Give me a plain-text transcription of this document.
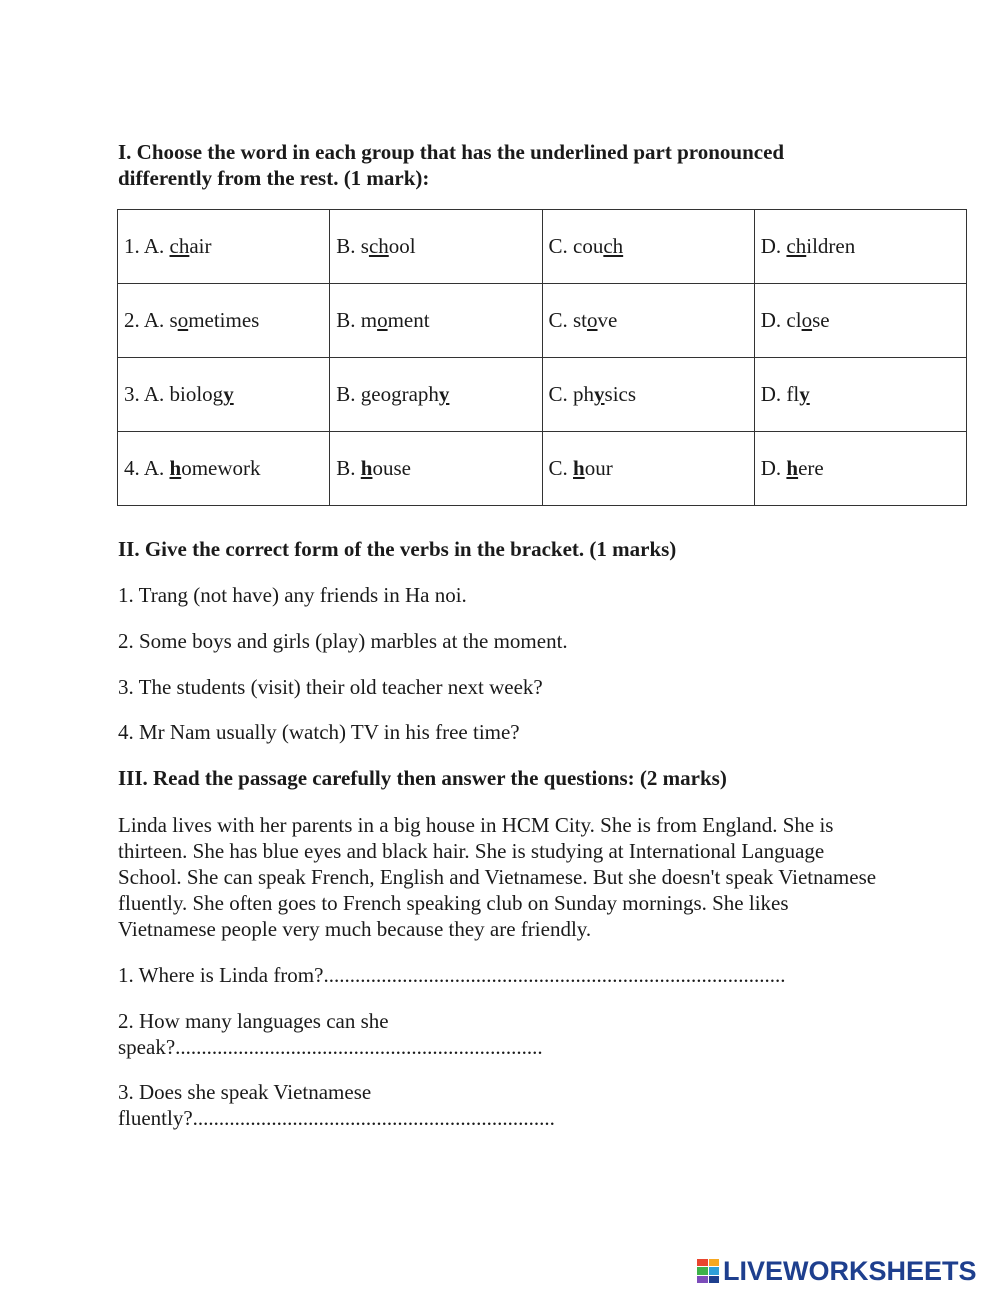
I. Choose the word in each group that has the underlined part pronounced differently from the rest. (1 mark):

1. A. chair	B. school	C. couch	D. children
2. A. sometimes	B. moment	C. stove	D. close
3. A. biology	B. geography	C. physics	D. fly
4. A. homework	B. house	C. hour	D. here

II. Give the correct form of the verbs in the bracket. (1 marks)

1. Trang (not have) any friends in Ha noi.

2. Some boys and girls (play) marbles at the moment.

3. The students (visit) their old teacher next week?

4. Mr Nam usually (watch) TV in his free time?

III. Read the passage carefully then answer the questions: (2 marks)

Linda lives with her parents in a big house in HCM City. She is from England. She is thirteen. She has blue eyes and black hair. She is studying at International Language School. She can speak French, English and Vietnamese. But she doesn't speak Vietnamese fluently. She often goes to French speaking club on Sunday mornings. She likes Vietnamese people very much because they are friendly.

1. Where is Linda from?........................................................................................

2. How many languages can she speak?......................................................................

3. Does she speak Vietnamese fluently?.....................................................................

LIVEWORKSHEETS
